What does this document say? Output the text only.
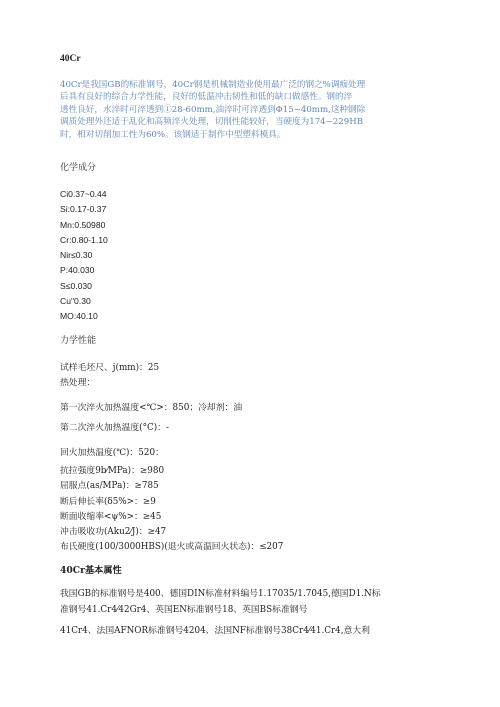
40Cr

40Cr是我国GB的标准钢号，40Cr钢是机械制造业使用最广泛的钢之%调痂处理

后具有良好的综合力学性能，良好的低温冲击韧性和低的缺口做感性。钢的淬

透性良好，水淬时可淬透到①28-60mm,油淬时可淬透到Φ15~40mm,这种钢除

调质处理外还适于乱化和高频淬火处理，切削性能较好，当硬度为174~229HB

时，相对切削加工性为60%。该钢适于制作中型塑料模具。

化学成分
Ci0.37~0.44
Si:0.17-0.37
Mn:0.50980
Cr:0.80-1.10
Nir≤0.30
P:40.030
S≤0.030
Cu"0.30
MO:40.10
力学性能
试样毛坯尺、j(mm)：25
热处理：
第一次淬火加热温度<℃>：850；冷却剂：油
第二次淬火加热温度(°C)：-
回火加热温度(℃)：520：
抗拉强度9b⁄MPa)：≥980
屈服点(as/MPa)：≥785
断后伸长率(δ5%>：≥9
断面收缩率<ψ%>：≥45
冲击吸收功(Aku2⁄J)：≥47
布氏硬度(100/3000HBS)(退火或高温回火状态)：≤207
40Cr基本属性

我国GB的标准钢号是400、德国DIN标准材料编号1.17035/1.7045,德国D1.N标

准钢号41.Cr4⁄42Gr4、英国EN标准钢号18、英国BS标准钢号

41Cr4、法国AFNOR标准钢号4204、法国NF标准钢号38Cr4⁄41.Cr4,意大利
